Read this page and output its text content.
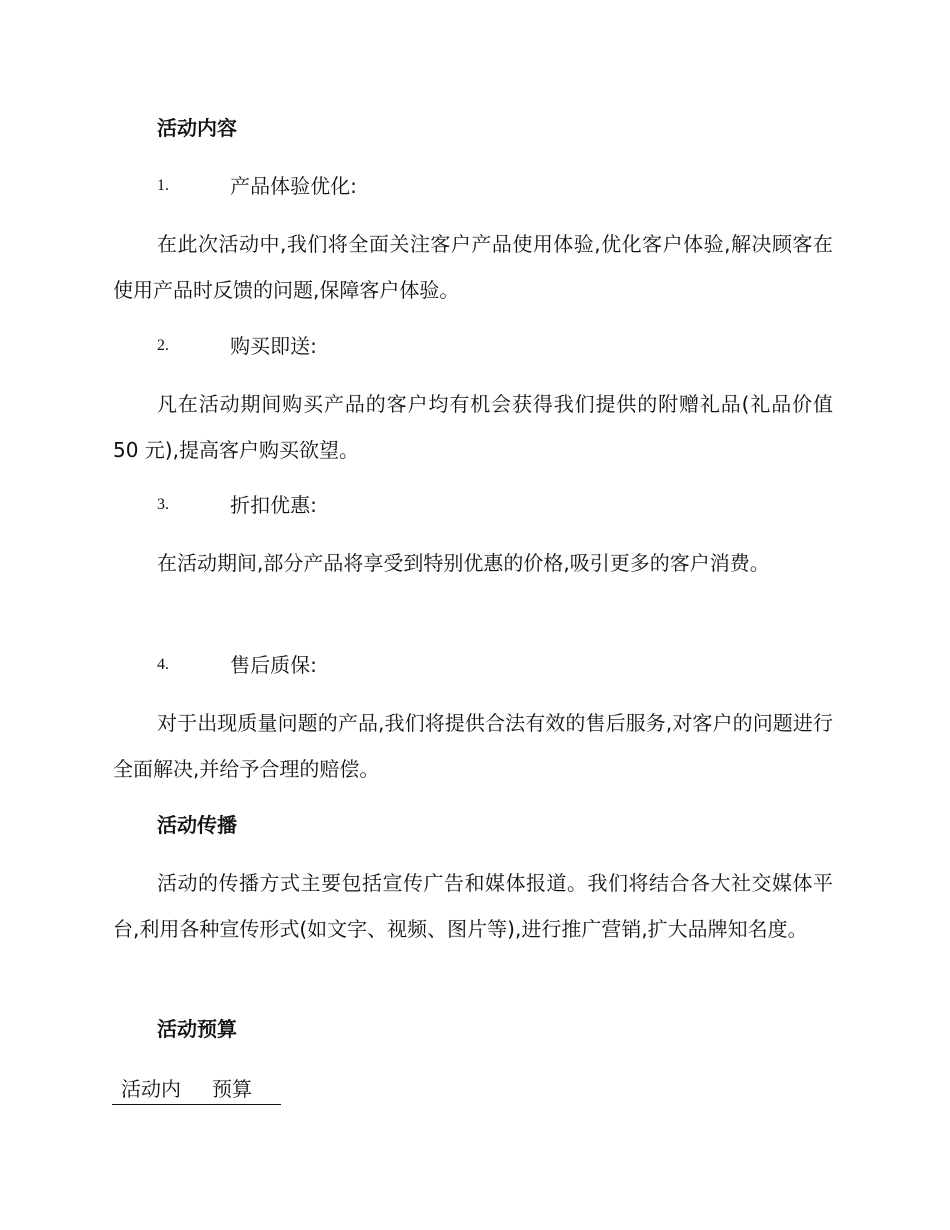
活动内容
1.	产品体验优化:

在此次活动中,我们将全面关注客户产品使用体验,优化客户体验,解决顾客在使用产品时反馈的问题,保障客户体验。

2.	购买即送:

凡在活动期间购买产品的客户均有机会获得我们提供的附赠礼品(礼品价值 50 元),提高客户购买欲望。

3.	折扣优惠:

在活动期间,部分产品将享受到特别优惠的价格,吸引更多的客户消费。

4.	售后质保:

对于出现质量问题的产品,我们将提供合法有效的售后服务,对客户的问题进行全面解决,并给予合理的赔偿。

活动传播

活动的传播方式主要包括宣传广告和媒体报道。我们将结合各大社交媒体平台,利用各种宣传形式(如文字、视频、图片等),进行推广营销,扩大品牌知名度。

活动预算
活动内 预算
